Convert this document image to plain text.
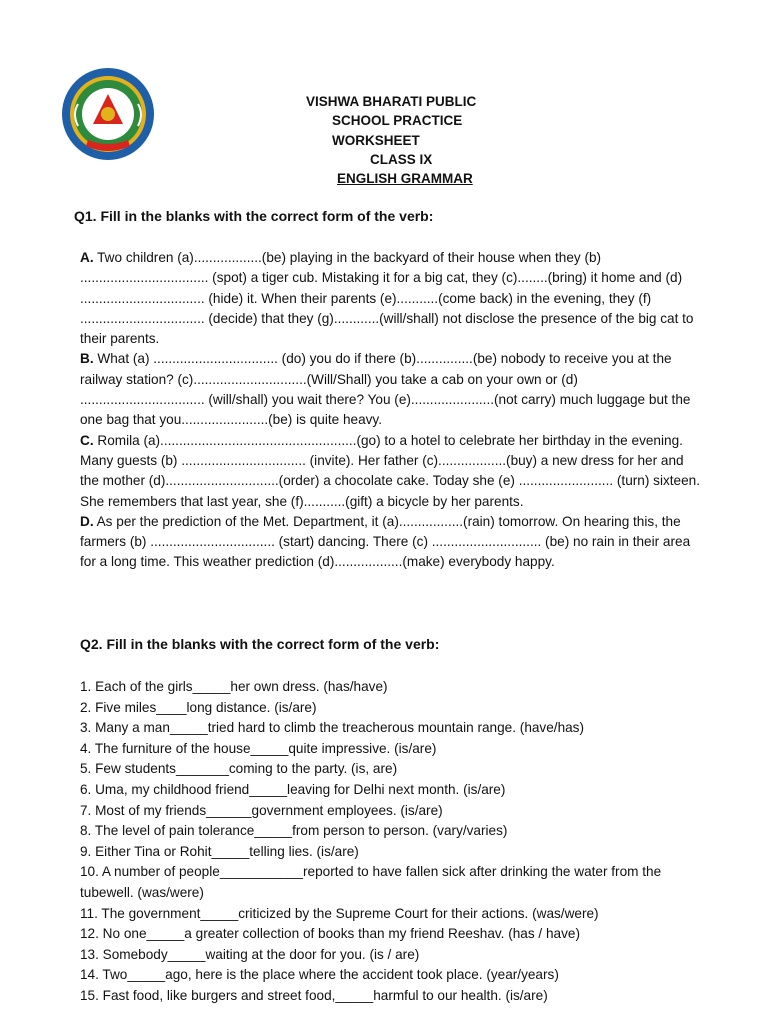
VISHWA BHARATI PUBLIC
SCHOOL PRACTICE
WORKSHEET
CLASS IX
ENGLISH GRAMMAR
Q1. Fill in the blanks with the correct form of the verb:

A. Two children (a)..................(be) playing in the backyard of their house when they (b) .................................. (spot) a tiger cub. Mistaking it for a big cat, they (c)........(bring) it home and (d) ................................. (hide) it. When their parents (e)...........(come back) in the evening, they (f) ................................. (decide) that they (g)............(will/shall) not disclose the presence of the big cat to their parents.

B. What (a) ................................. (do) you do if there (b)...............(be) nobody to receive you at the railway station? (c)..............................(Will/Shall) you take a cab on your own or (d) ................................. (will/shall) you wait there? You (e)......................(not carry) much luggage but the one bag that you.......................(be) is quite heavy.

C. Romila (a)....................................................(go) to a hotel to celebrate her birthday in the evening. Many guests (b) ................................. (invite). Her father (c)..................(buy) a new dress for her and the mother (d)..............................(order) a chocolate cake. Today she (e) ......................... (turn) sixteen. She remembers that last year, she (f)...........(gift) a bicycle by her parents.

D. As per the prediction of the Met. Department, it (a).................(rain) tomorrow. On hearing this, the farmers (b) ................................. (start) dancing. There (c) ............................. (be) no rain in their area for a long time. This weather prediction (d)..................(make) everybody happy.

Q2. Fill in the blanks with the correct form of the verb:

1. Each of the girls_____her own dress. (has/have)

2. Five miles____long distance. (is/are)

3. Many a man_____tried hard to climb the treacherous mountain range. (have/has)

4. The furniture of the house_____quite impressive. (is/are)

5. Few students_______coming to the party. (is, are)

6. Uma, my childhood friend_____leaving for Delhi next month. (is/are)

7. Most of my friends______government employees. (is/are)

8. The level of pain tolerance_____from person to person. (vary/varies)

9. Either Tina or Rohit_____telling lies. (is/are)

10. A number of people___________reported to have fallen sick after drinking the water from the tubewell. (was/were)

11. The government_____criticized by the Supreme Court for their actions. (was/were)

12. No one_____a greater collection of books than my friend Reeshav. (has / have)

13. Somebody_____waiting at the door for you. (is / are)

14. Two_____ago, here is the place where the accident took place. (year/years)

15. Fast food, like burgers and street food,_____harmful to our health. (is/are)
